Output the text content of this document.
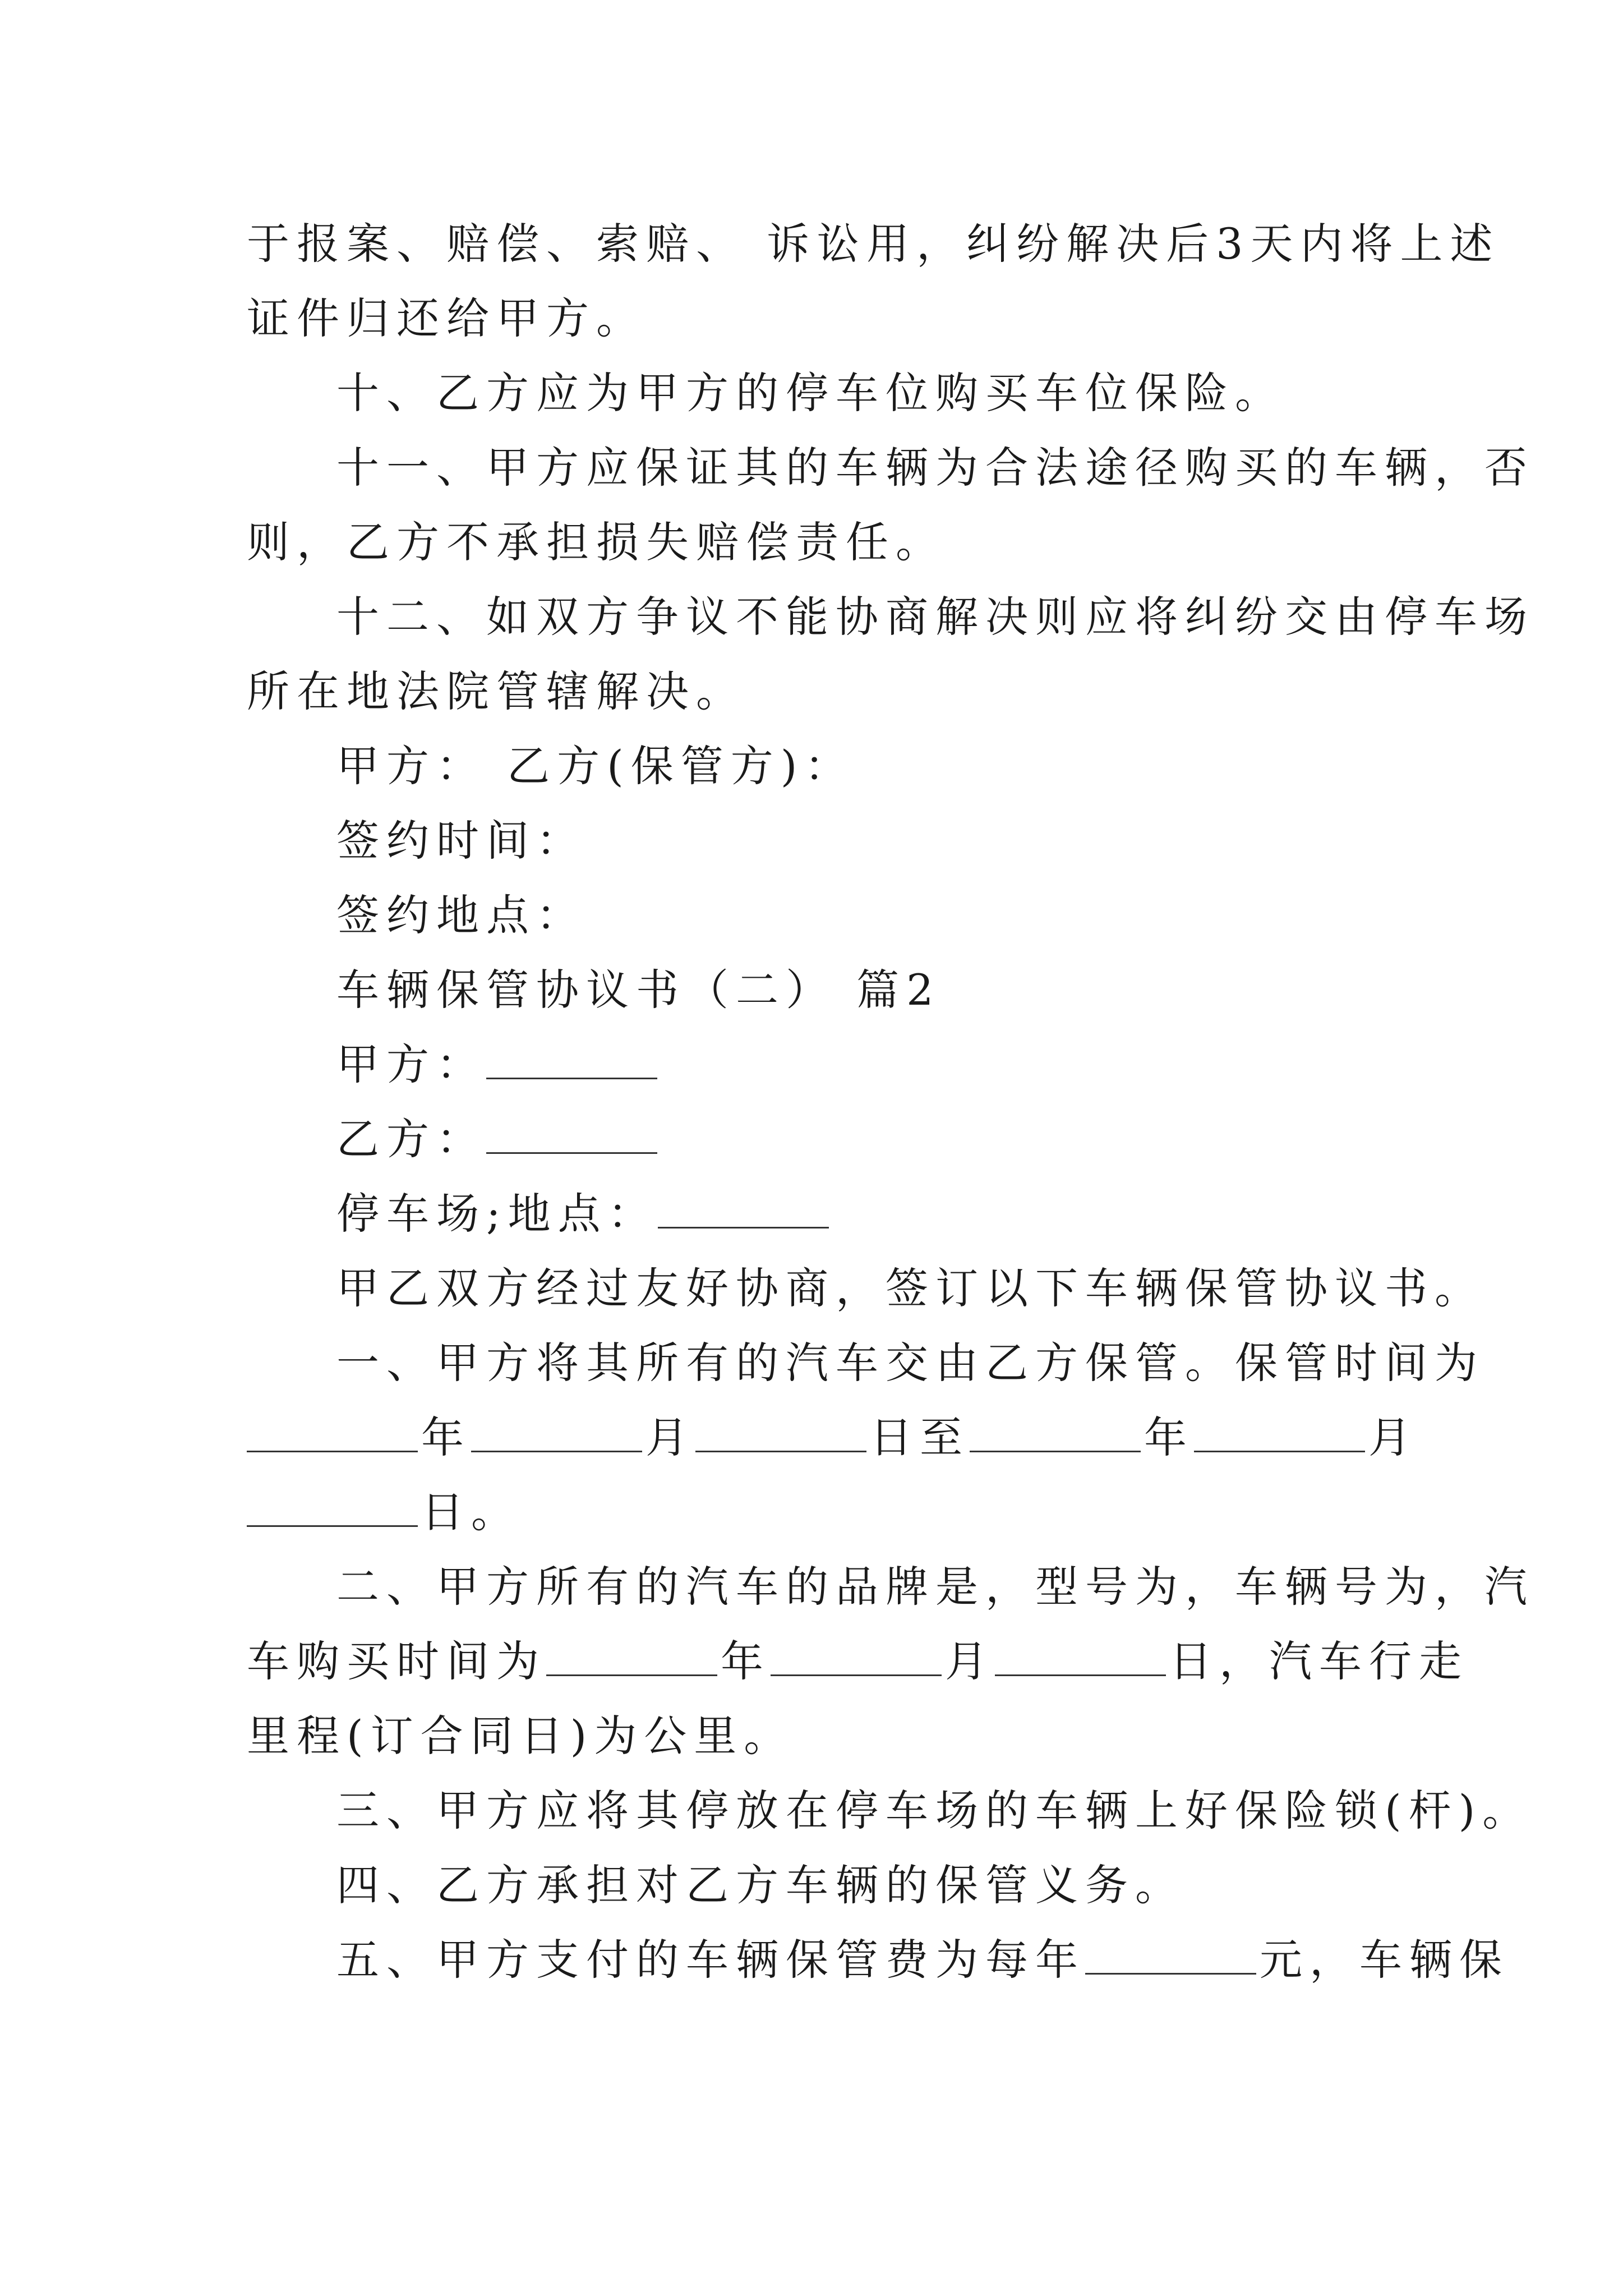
于报案、赔偿、索赔、 诉讼用，纠纷解决后3天内将上述
证件归还给甲方。
十、乙方应为甲方的停车位购买车位保险。
十一、甲方应保证其的车辆为合法途径购买的车辆，否
则，乙方不承担损失赔偿责任。
十二、如双方争议不能协商解决则应将纠纷交由停车场
所在地法院管辖解决。
甲方： 乙方(保管方)：
签约时间：
签约地点：
车辆保管协议书（二） 篇2
甲方：
乙方：
停车场;地点：
甲乙双方经过友好协商，签订以下车辆保管协议书。
一、甲方将其所有的汽车交由乙方保管。保管时间为
年	月	日至	年	月
日。
二、甲方所有的汽车的品牌是，型号为，车辆号为，汽
车购买时间为	年	月	日，汽车行走
里程(订合同日)为公里。
三、甲方应将其停放在停车场的车辆上好保险锁(杆)。
四、乙方承担对乙方车辆的保管义务。
五、甲方支付的车辆保管费为每年	元，车辆保
